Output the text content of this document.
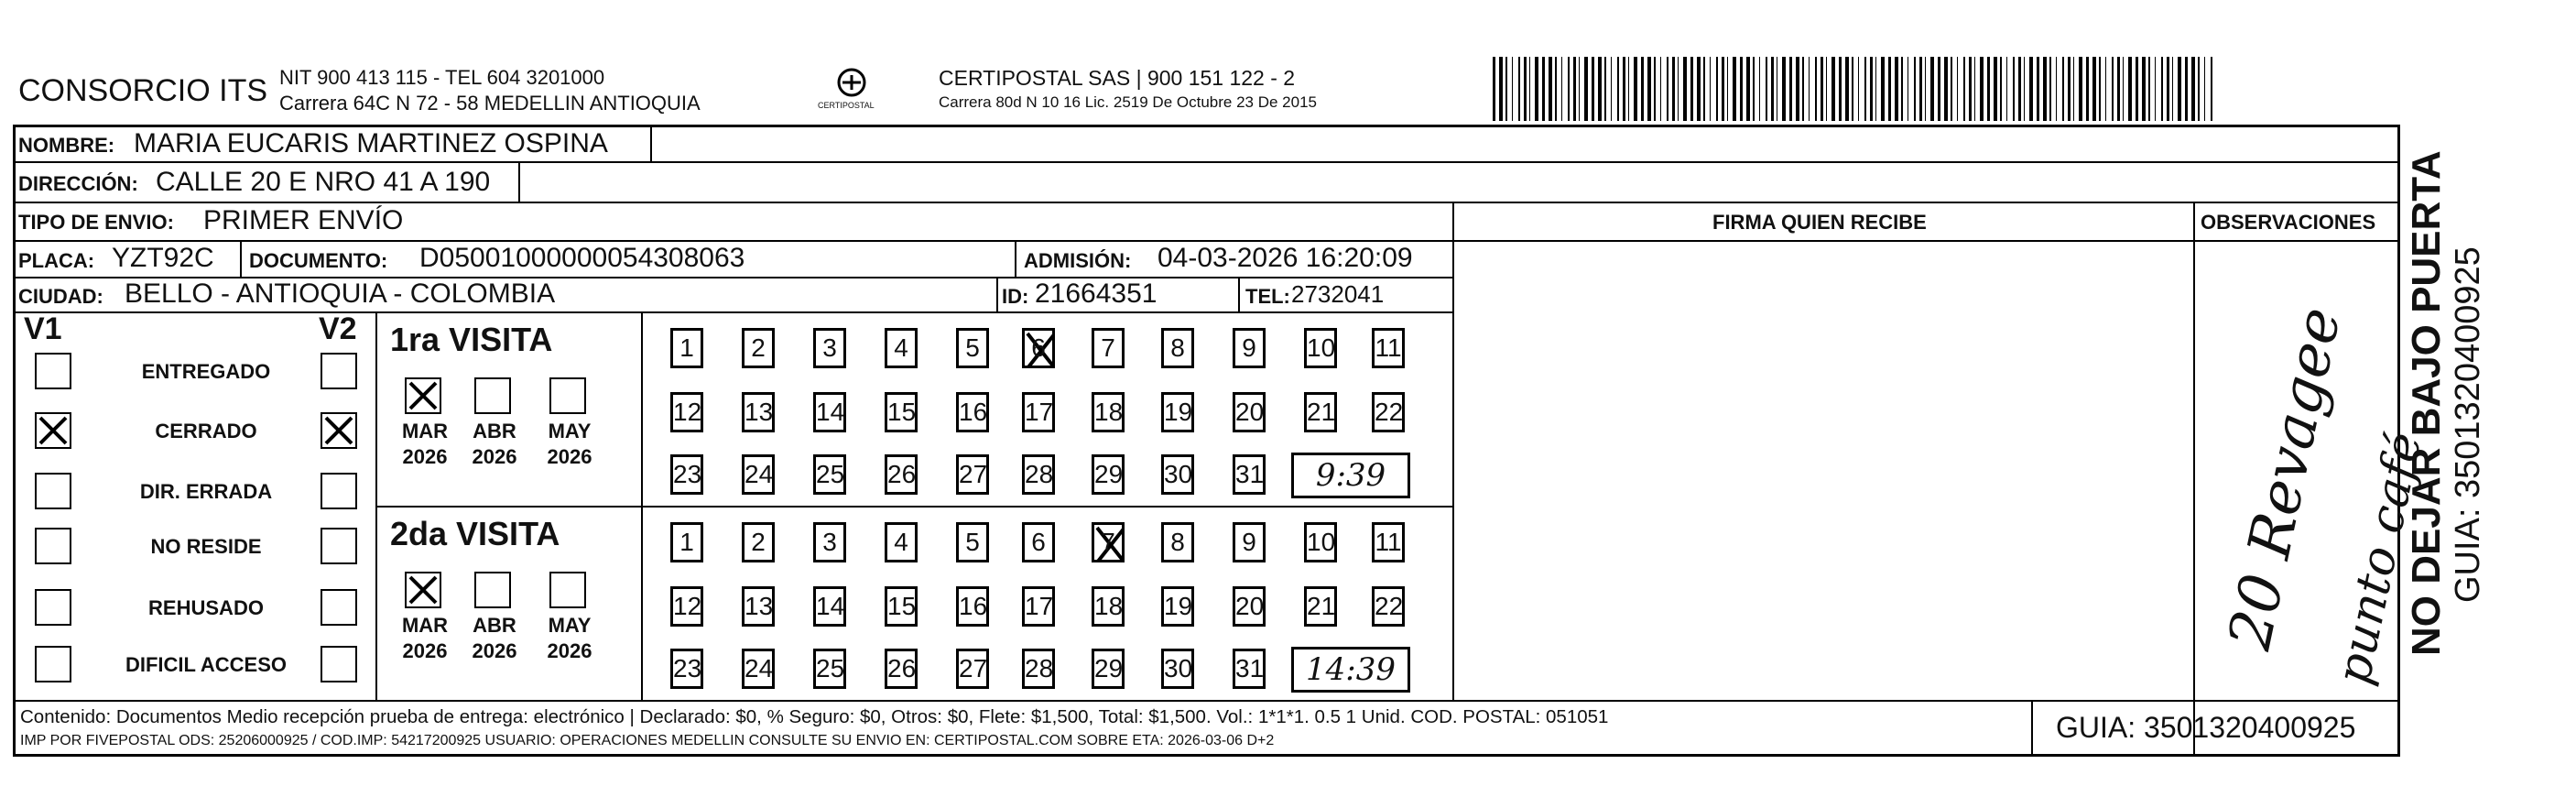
CONSORCIO ITS NIT 900 413 115 - TEL 604 3201000
Carrera 64C N 72 - 58 MEDELLIN ANTIOQUIA	CERTIPOSTAL
CERTIPOSTAL SAS | 900 151 122 - 2
Carrera 80d N 10 16 Lic. 2519 De Octubre 23 De 2015
NOMBRE: MARIA EUCARIS MARTINEZ OSPINA
DIRECCIÓN: CALLE 20 E NRO 41 A 190
TIPO DE ENVIO: PRIMER ENVÍO	FIRMA QUIEN RECIBE	OBSERVACIONES
PLACA: YZT92C DOCUMENTO: D05001000000054308063	ADMISIÓN: 04-03-2026 16:20:09
CIUDAD: BELLO - ANTIOQUIA - COLOMBIA	ID: 21664351	TEL: 2732041
V1	V2
ENTREGADO
CERRADO
DIR. ERRADA
NO RESIDE
REHUSADO
DIFICIL ACCESO
1ra VISITA
MAR
2026
ABR
2026
MAY
2026
1	2	3	4	5	6	7	8	9	10 11
12 13 14 15 16 17 18 19 20 21 22
23 24 25 26 27 28 29 30 31	9:39
2da VISITA
MAR
2026
ABR
2026
MAY
2026
1	2	3	4	5	6	7	8	9	10 11
12 13 14 15 16 17 18 19 20 21 22
23 24 25 26 27 28 29 30 31	14:39
20 Revagee
punto café
NO DEJAR BAJO PUERTA GUIA: 3501320400925
Contenido: Documentos Medio recepción prueba de entrega: electrónico | Declarado: $0, % Seguro: $0, Otros: $0, Flete: $1,500, Total: $1,500. Vol.: 1*1*1. 0.5 1 Unid. COD. POSTAL: 051051
IMP POR FIVEPOSTAL ODS: 25206000925 / COD.IMP: 54217200925 USUARIO: OPERACIONES MEDELLIN CONSULTE SU ENVIO EN: CERTIPOSTAL.COM SOBRE ETA: 2026-03-06 D+2	GUIA: 3501320400925
